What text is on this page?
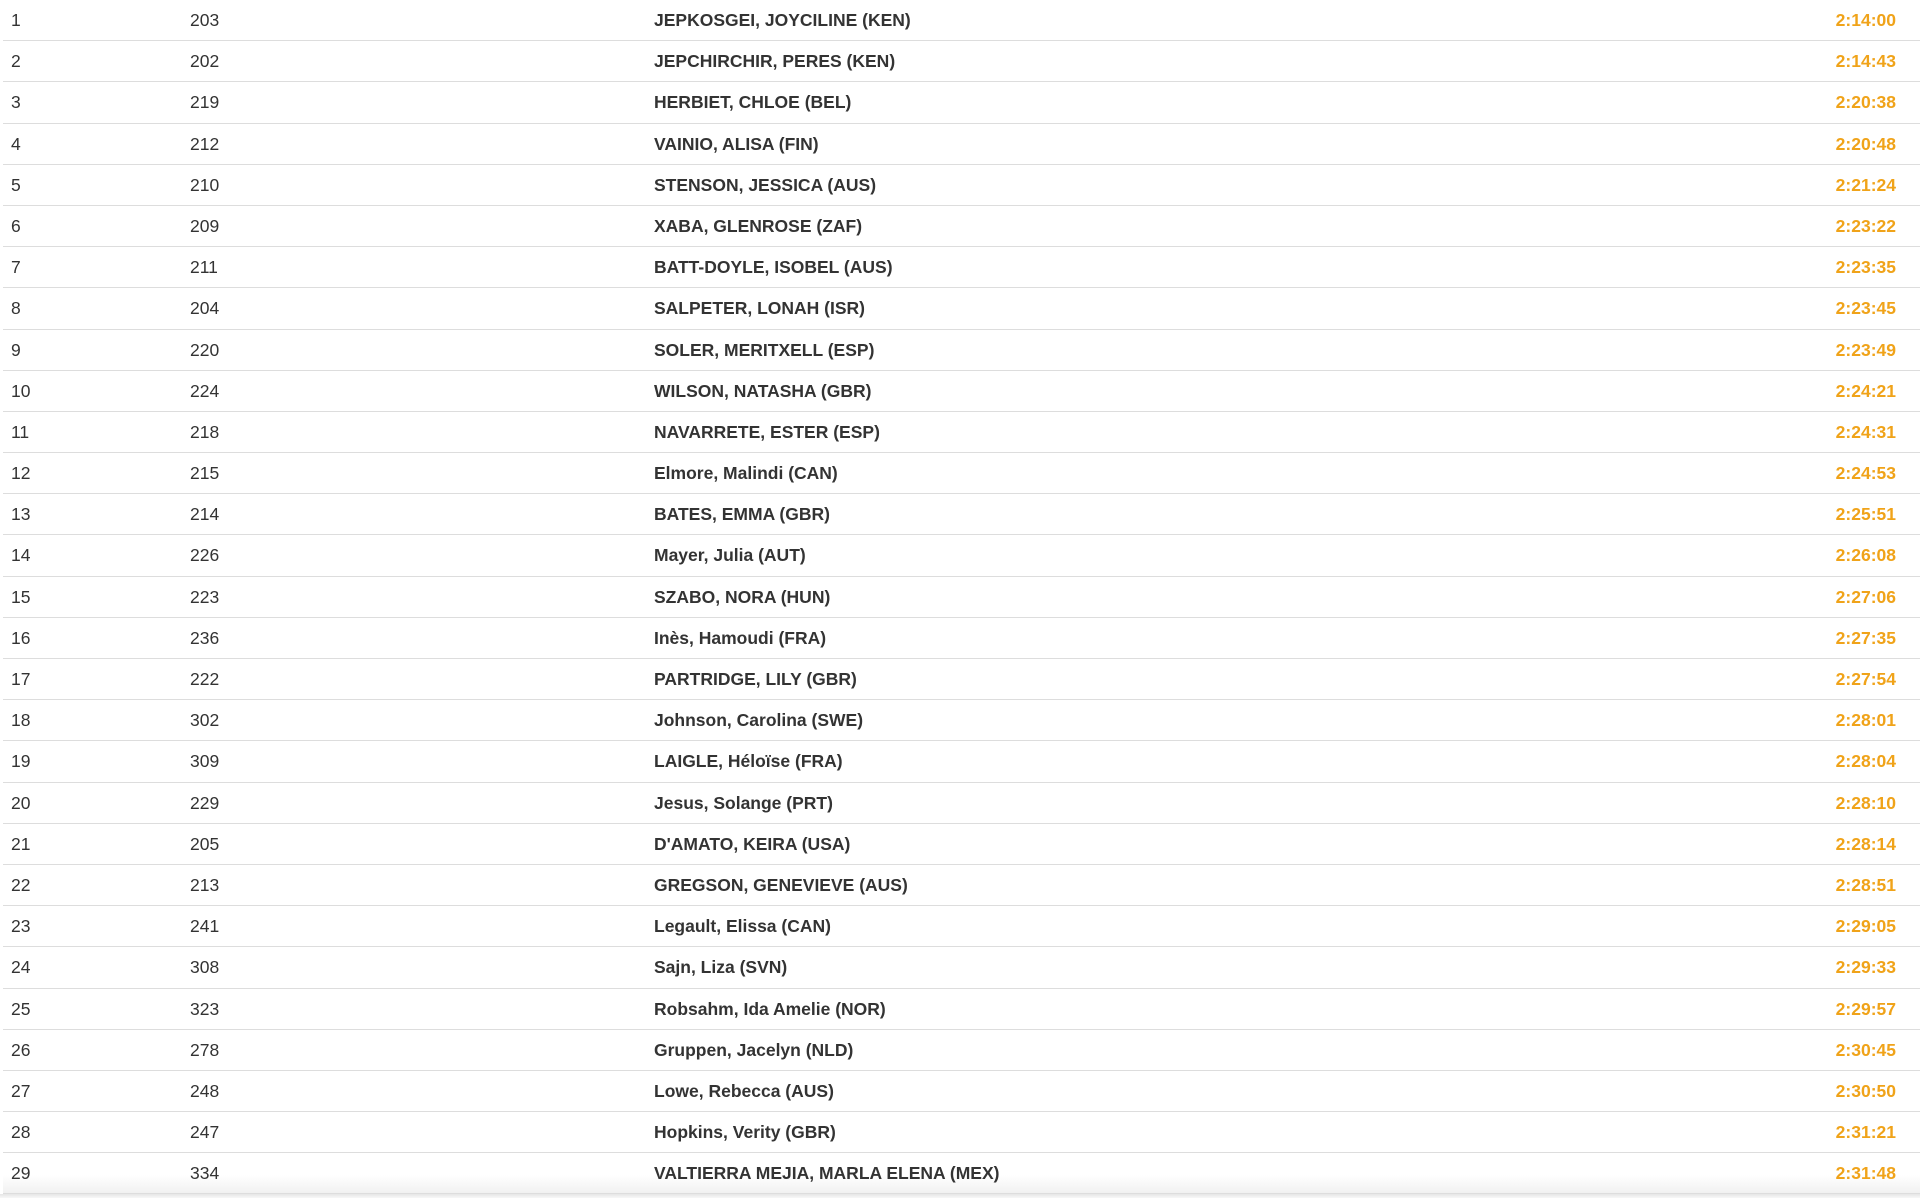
1	203	JEPKOSGEI, JOYCILINE (KEN)	2:14:00
2	202	JEPCHIRCHIR, PERES (KEN)	2:14:43
3	219	HERBIET, CHLOE (BEL)	2:20:38
4	212	VAINIO, ALISA (FIN)	2:20:48
5	210	STENSON, JESSICA (AUS)	2:21:24
6	209	XABA, GLENROSE (ZAF)	2:23:22
7	211	BATT-DOYLE, ISOBEL (AUS)	2:23:35
8	204	SALPETER, LONAH (ISR)	2:23:45
9	220	SOLER, MERITXELL (ESP)	2:23:49
10	224	WILSON, NATASHA (GBR)	2:24:21
11	218	NAVARRETE, ESTER (ESP)	2:24:31
12	215	Elmore, Malindi (CAN)	2:24:53
13	214	BATES, EMMA (GBR)	2:25:51
14	226	Mayer, Julia (AUT)	2:26:08
15	223	SZABO, NORA (HUN)	2:27:06
16	236	Inès, Hamoudi (FRA)	2:27:35
17	222	PARTRIDGE, LILY (GBR)	2:27:54
18	302	Johnson, Carolina (SWE)	2:28:01
19	309	LAIGLE, Héloïse (FRA)	2:28:04
20	229	Jesus, Solange (PRT)	2:28:10
21	205	D'AMATO, KEIRA (USA)	2:28:14
22	213	GREGSON, GENEVIEVE (AUS)	2:28:51
23	241	Legault, Elissa (CAN)	2:29:05
24	308	Sajn, Liza (SVN)	2:29:33
25	323	Robsahm, Ida Amelie (NOR)	2:29:57
26	278	Gruppen, Jacelyn (NLD)	2:30:45
27	248	Lowe, Rebecca (AUS)	2:30:50
28	247	Hopkins, Verity (GBR)	2:31:21
29	334	VALTIERRA MEJIA, MARLA ELENA (MEX)	2:31:48
